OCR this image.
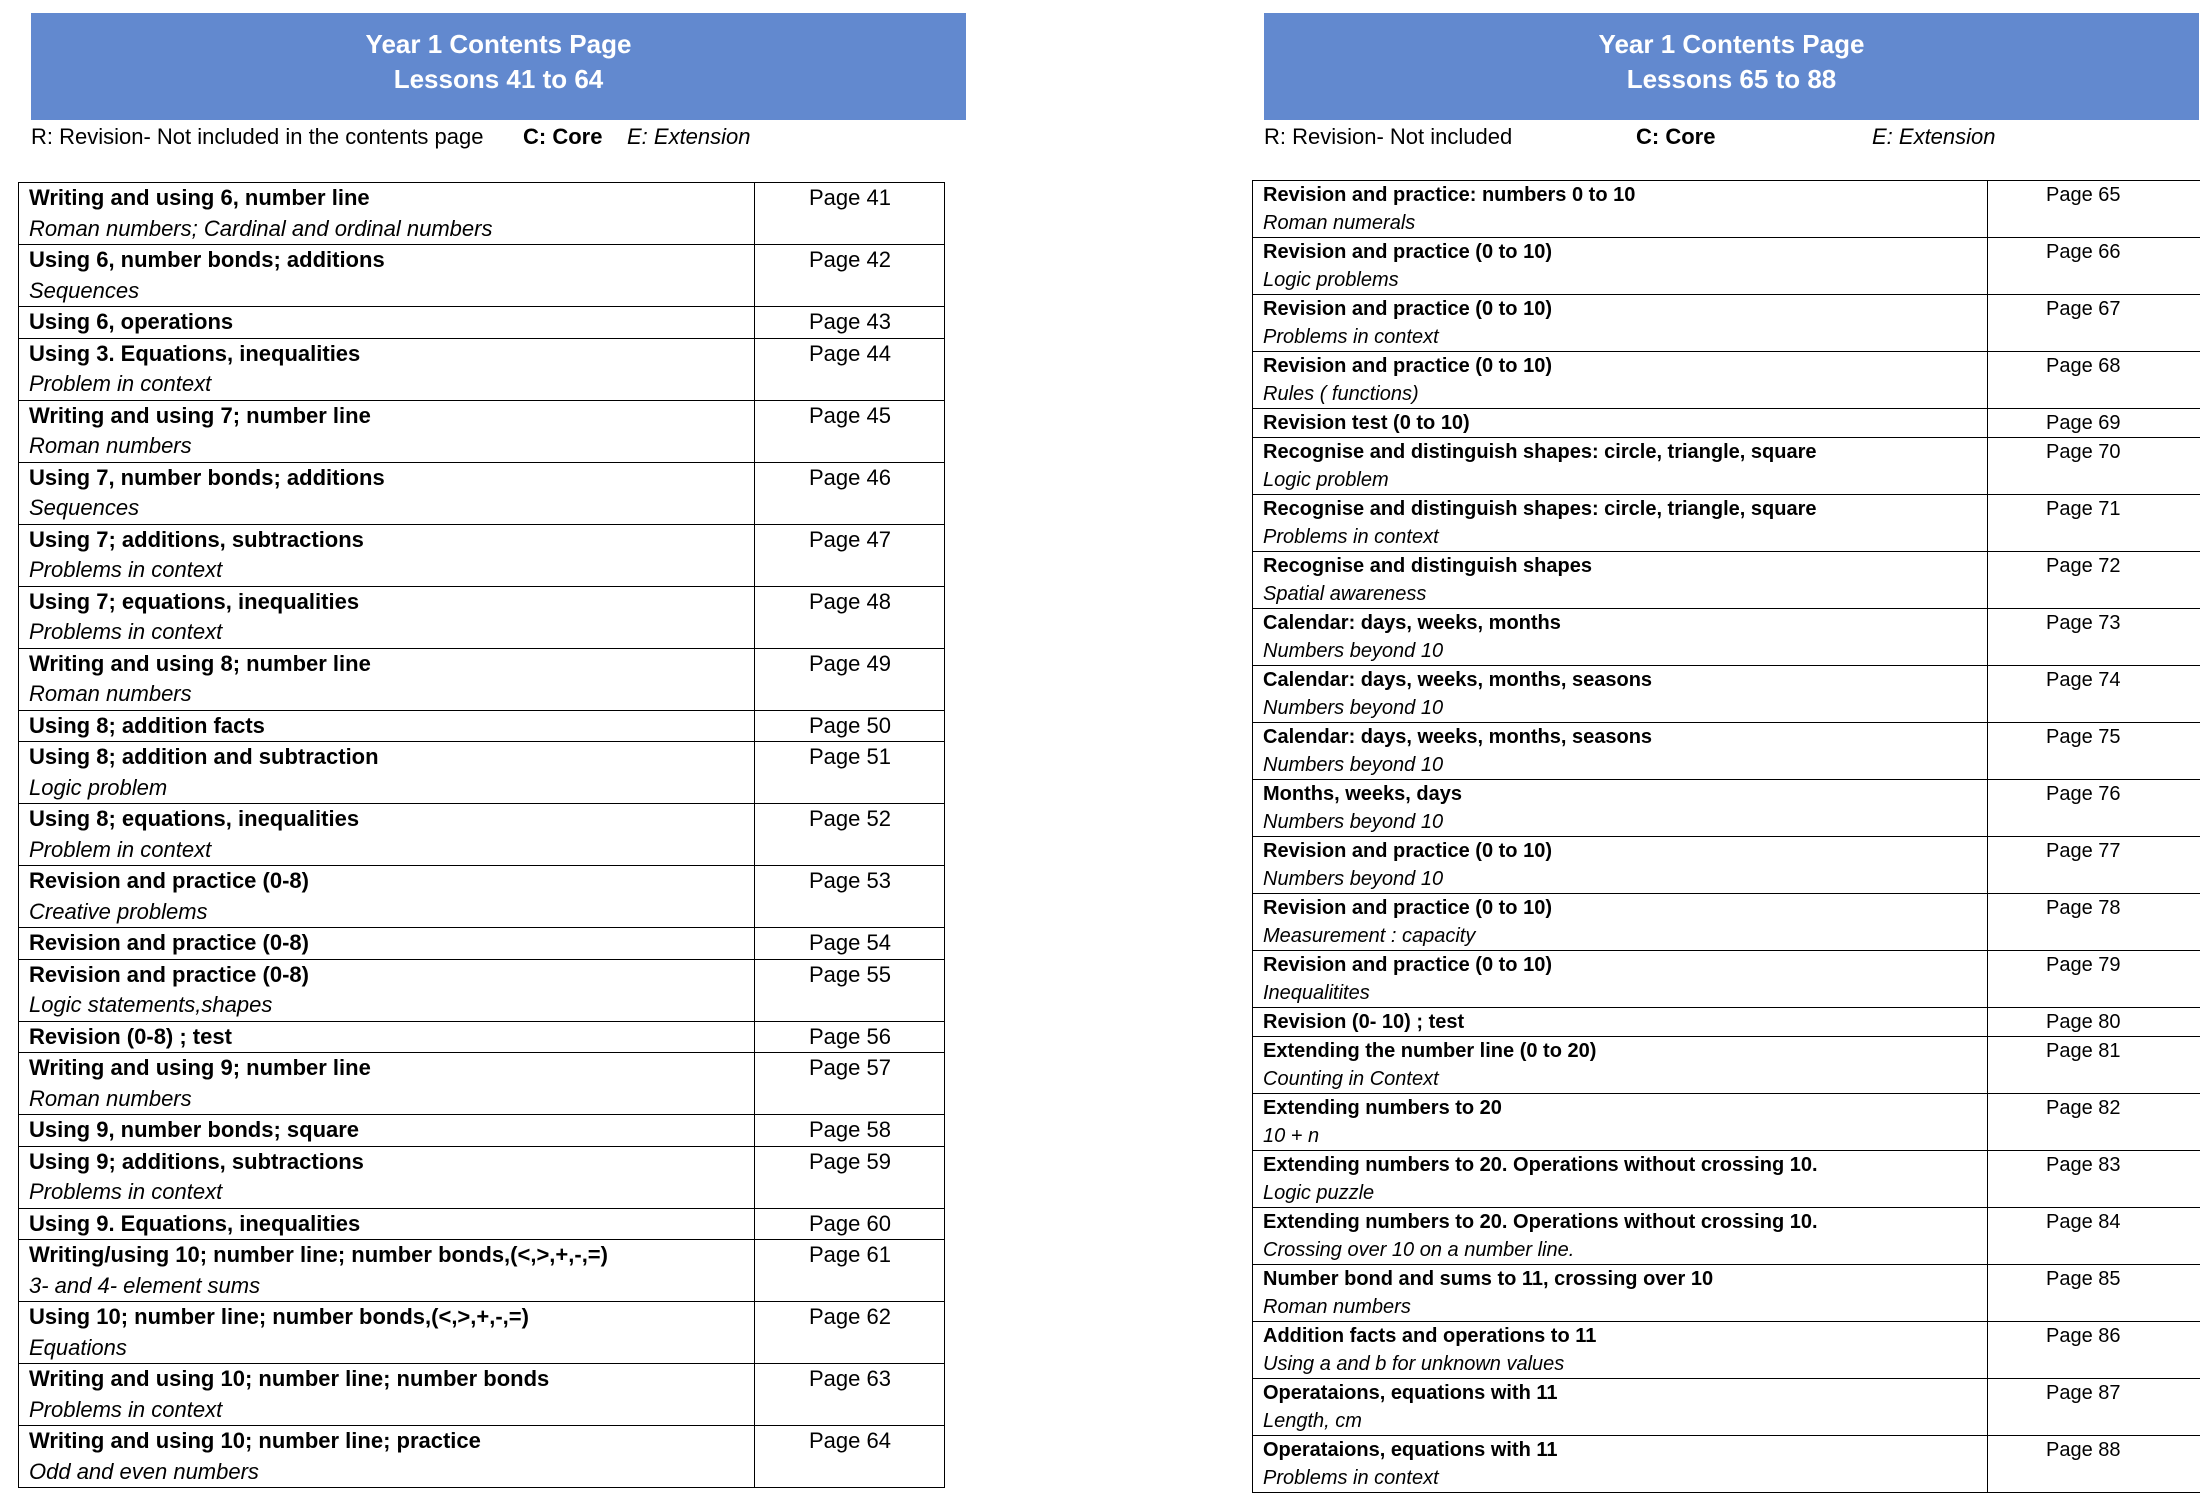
Year 1 Contents Page
Lessons 41 to 64
R: Revision- Not included in the contents page C: Core E: Extension
Writing and using 6, number line
Roman numbers; Cardinal and ordinal numbers	Page 41

Using 6, number bonds; additions
Sequences	Page 42

Using 6, operations	Page 43

Using 3. Equations, inequalities
Problem in context	Page 44

Writing and using 7; number line
Roman numbers	Page 45

Using 7, number bonds; additions
Sequences	Page 46

Using 7; additions, subtractions
Problems in context	Page 47

Using 7; equations, inequalities
Problems in context	Page 48

Writing and using 8; number line
Roman numbers	Page 49

Using 8; addition facts	Page 50

Using 8; addition and subtraction
Logic problem	Page 51

Using 8; equations, inequalities
Problem in context	Page 52

Revision and practice (0-8)
Creative problems	Page 53

Revision and practice (0-8)	Page 54

Revision and practice (0-8)
Logic statements,shapes	Page 55

Revision (0-8) ; test	Page 56

Writing and using 9; number line
Roman numbers	Page 57

Using 9, number bonds; square	Page 58

Using 9; additions, subtractions
Problems in context	Page 59

Using 9. Equations, inequalities	Page 60

Writing/using 10; number line; number bonds,(<,>,+,-,=)
3- and 4- element sums	Page 61

Using 10; number line; number bonds,(<,>,+,-,=)
Equations	Page 62

Writing and using 10; number line; number bonds
Problems in context	Page 63

Writing and using 10; number line; practice
Odd and even numbers	Page 64
Year 1 Contents Page
Lessons 65 to 88
R: Revision- Not included	C: Core	E: Extension
Revision and practice: numbers 0 to 10
Roman numerals	Page 65

Revision and practice (0 to 10)
Logic problems	Page 66

Revision and practice (0 to 10)
Problems in context	Page 67

Revision and practice (0 to 10)
Rules ( functions)	Page 68

Revision test (0 to 10)	Page 69

Recognise and distinguish shapes: circle, triangle, square
Logic problem	Page 70

Recognise and distinguish shapes: circle, triangle, square
Problems in context	Page 71

Recognise and distinguish shapes
Spatial awareness	Page 72

Calendar: days, weeks, months
Numbers beyond 10	Page 73

Calendar: days, weeks, months, seasons
Numbers beyond 10	Page 74

Calendar: days, weeks, months, seasons
Numbers beyond 10	Page 75

Months, weeks, days
Numbers beyond 10	Page 76

Revision and practice (0 to 10)
Numbers beyond 10	Page 77

Revision and practice (0 to 10)
Measurement : capacity	Page 78

Revision and practice (0 to 10)
Inequalitites	Page 79

Revision (0- 10) ; test	Page 80

Extending the number line (0 to 20)
Counting in Context	Page 81

Extending numbers to 20
10 + n	Page 82

Extending numbers to 20. Operations without crossing 10.
Logic puzzle	Page 83

Extending numbers to 20. Operations without crossing 10.
Crossing over 10 on a number line.	Page 84

Number bond and sums to 11, crossing over 10
Roman numbers	Page 85

Addition facts and operations to 11
Using a and b for unknown values	Page 86

Operataions, equations with 11
Length, cm	Page 87

Operataions, equations with 11
Problems in context	Page 88
